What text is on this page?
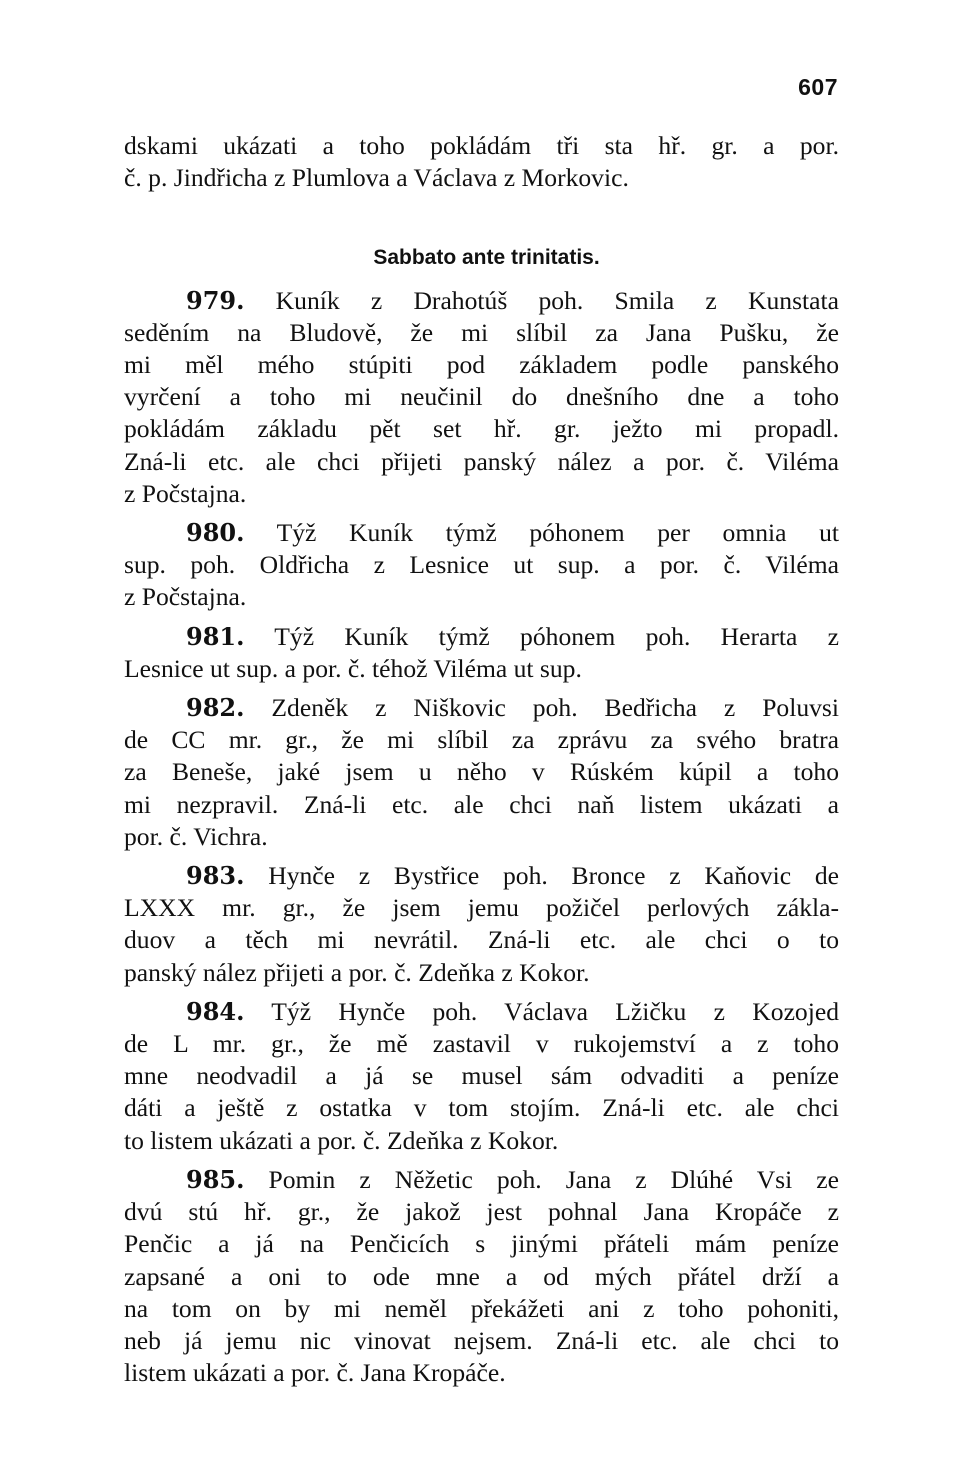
607
dskami ukázati a toho pokládám tři sta hř. gr. a por.
č. p. Jindřicha z Plumlova a Václava z Morkovic.
Sabbato ante trinitatis.
979. Kuník z Drahotúš poh. Smila z Kunstata
seděním na Bludově, že mi slíbil za Jana Pušku, že
mi měl mého stúpiti pod základem podle panského
vyrčení a toho mi neučinil do dnešního dne a toho
pokládám základu pět set hř. gr. ježto mi propadl.
Zná-li etc. ale chci přijeti panský nález a por. č. Viléma
z Počstajna.
980. Týž Kuník týmž póhonem per omnia ut
sup. poh. Oldřicha z Lesnice ut sup. a por. č. Viléma
z Počstajna.
981. Týž Kuník týmž póhonem poh. Herarta z
Lesnice ut sup. a por. č. téhož Viléma ut sup.
982. Zdeněk z Niškovic poh. Bedřicha z Poluvsi
de CC mr. gr., že mi slíbil za zprávu za svého bratra
za Beneše, jaké jsem u něho v Rúském kúpil a toho
mi nezpravil. Zná-li etc. ale chci naň listem ukázati a
por. č. Vichra.
983. Hynče z Bystřice poh. Bronce z Kaňovic de
LXXX mr. gr., že jsem jemu požičel perlových zákla-
duov a těch mi nevrátil. Zná-li etc. ale chci o to
panský nález přijeti a por. č. Zdeňka z Kokor.
984. Týž Hynče poh. Václava Lžičku z Kozojed
de L mr. gr., že mě zastavil v rukojemství a z toho
mne neodvadil a já se musel sám odvaditi a peníze
dáti a ještě z ostatka v tom stojím. Zná-li etc. ale chci
to listem ukázati a por. č. Zdeňka z Kokor.
985. Pomin z Něžetic poh. Jana z Dlúhé Vsi ze
dvú stú hř. gr., že jakož jest pohnal Jana Kropáče z
Penčic a já na Penčicích s jinými přáteli mám peníze
zapsané a oni to ode mne a od mých přátel drží a
na tom on by mi neměl překážeti ani z toho pohoniti,
neb já jemu nic vinovat nejsem. Zná-li etc. ale chci to
listem ukázati a por. č. Jana Kropáče.
